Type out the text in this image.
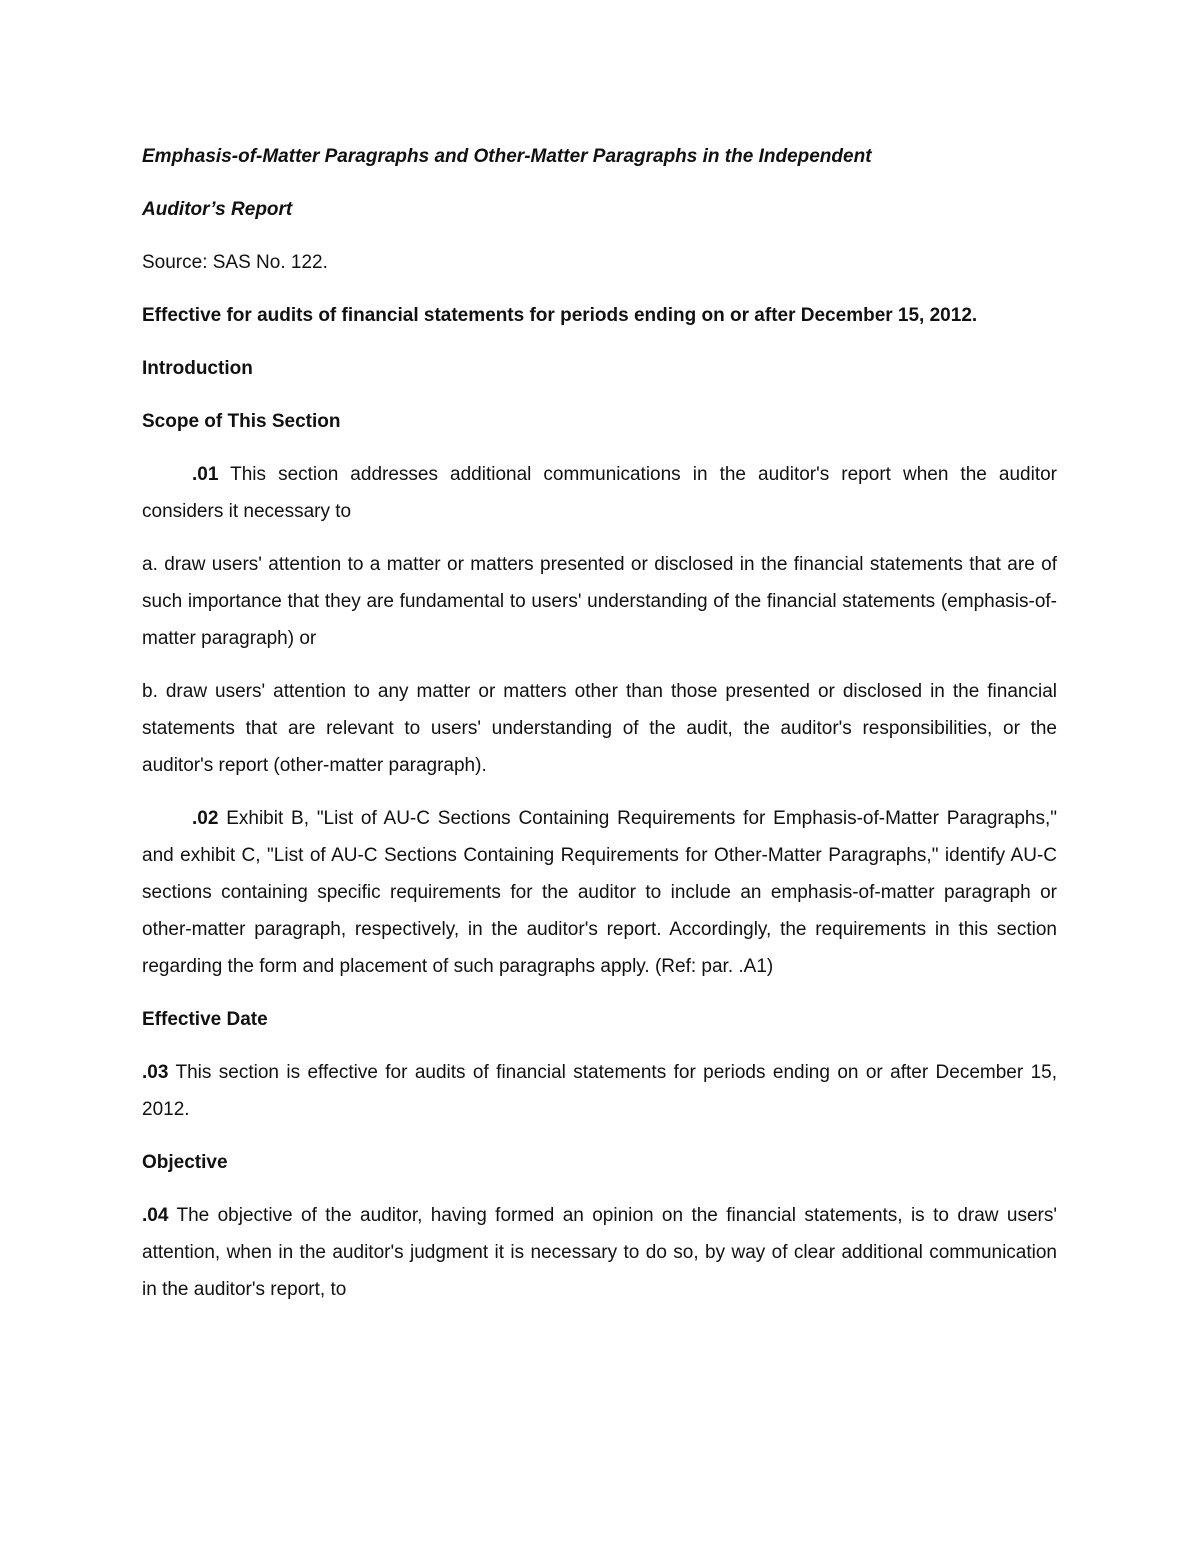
Emphasis-of-Matter Paragraphs and Other-Matter Paragraphs in the Independent

Auditor’s Report

Source: SAS No. 122.

Effective for audits of financial statements for periods ending on or after December 15, 2012.

Introduction

Scope of This Section

.01 This section addresses additional communications in the auditor's report when the auditor considers it necessary to

a. draw users' attention to a matter or matters presented or disclosed in the financial statements that are of such importance that they are fundamental to users' understanding of the financial statements (emphasis-of-matter paragraph) or

b. draw users' attention to any matter or matters other than those presented or disclosed in the financial statements that are relevant to users' understanding of the audit, the auditor's responsibilities, or the auditor's report (other-matter paragraph).

.02 Exhibit B, "List of AU-C Sections Containing Requirements for Emphasis-of-Matter Paragraphs," and exhibit C, "List of AU-C Sections Containing Requirements for Other-Matter Paragraphs," identify AU-C sections containing specific requirements for the auditor to include an emphasis-of-matter paragraph or other-matter paragraph, respectively, in the auditor's report. Accordingly, the requirements in this section regarding the form and placement of such paragraphs apply. (Ref: par. .A1)

Effective Date

.03 This section is effective for audits of financial statements for periods ending on or after December 15, 2012.

Objective

.04 The objective of the auditor, having formed an opinion on the financial statements, is to draw users' attention, when in the auditor's judgment it is necessary to do so, by way of clear additional communication in the auditor's report, to
